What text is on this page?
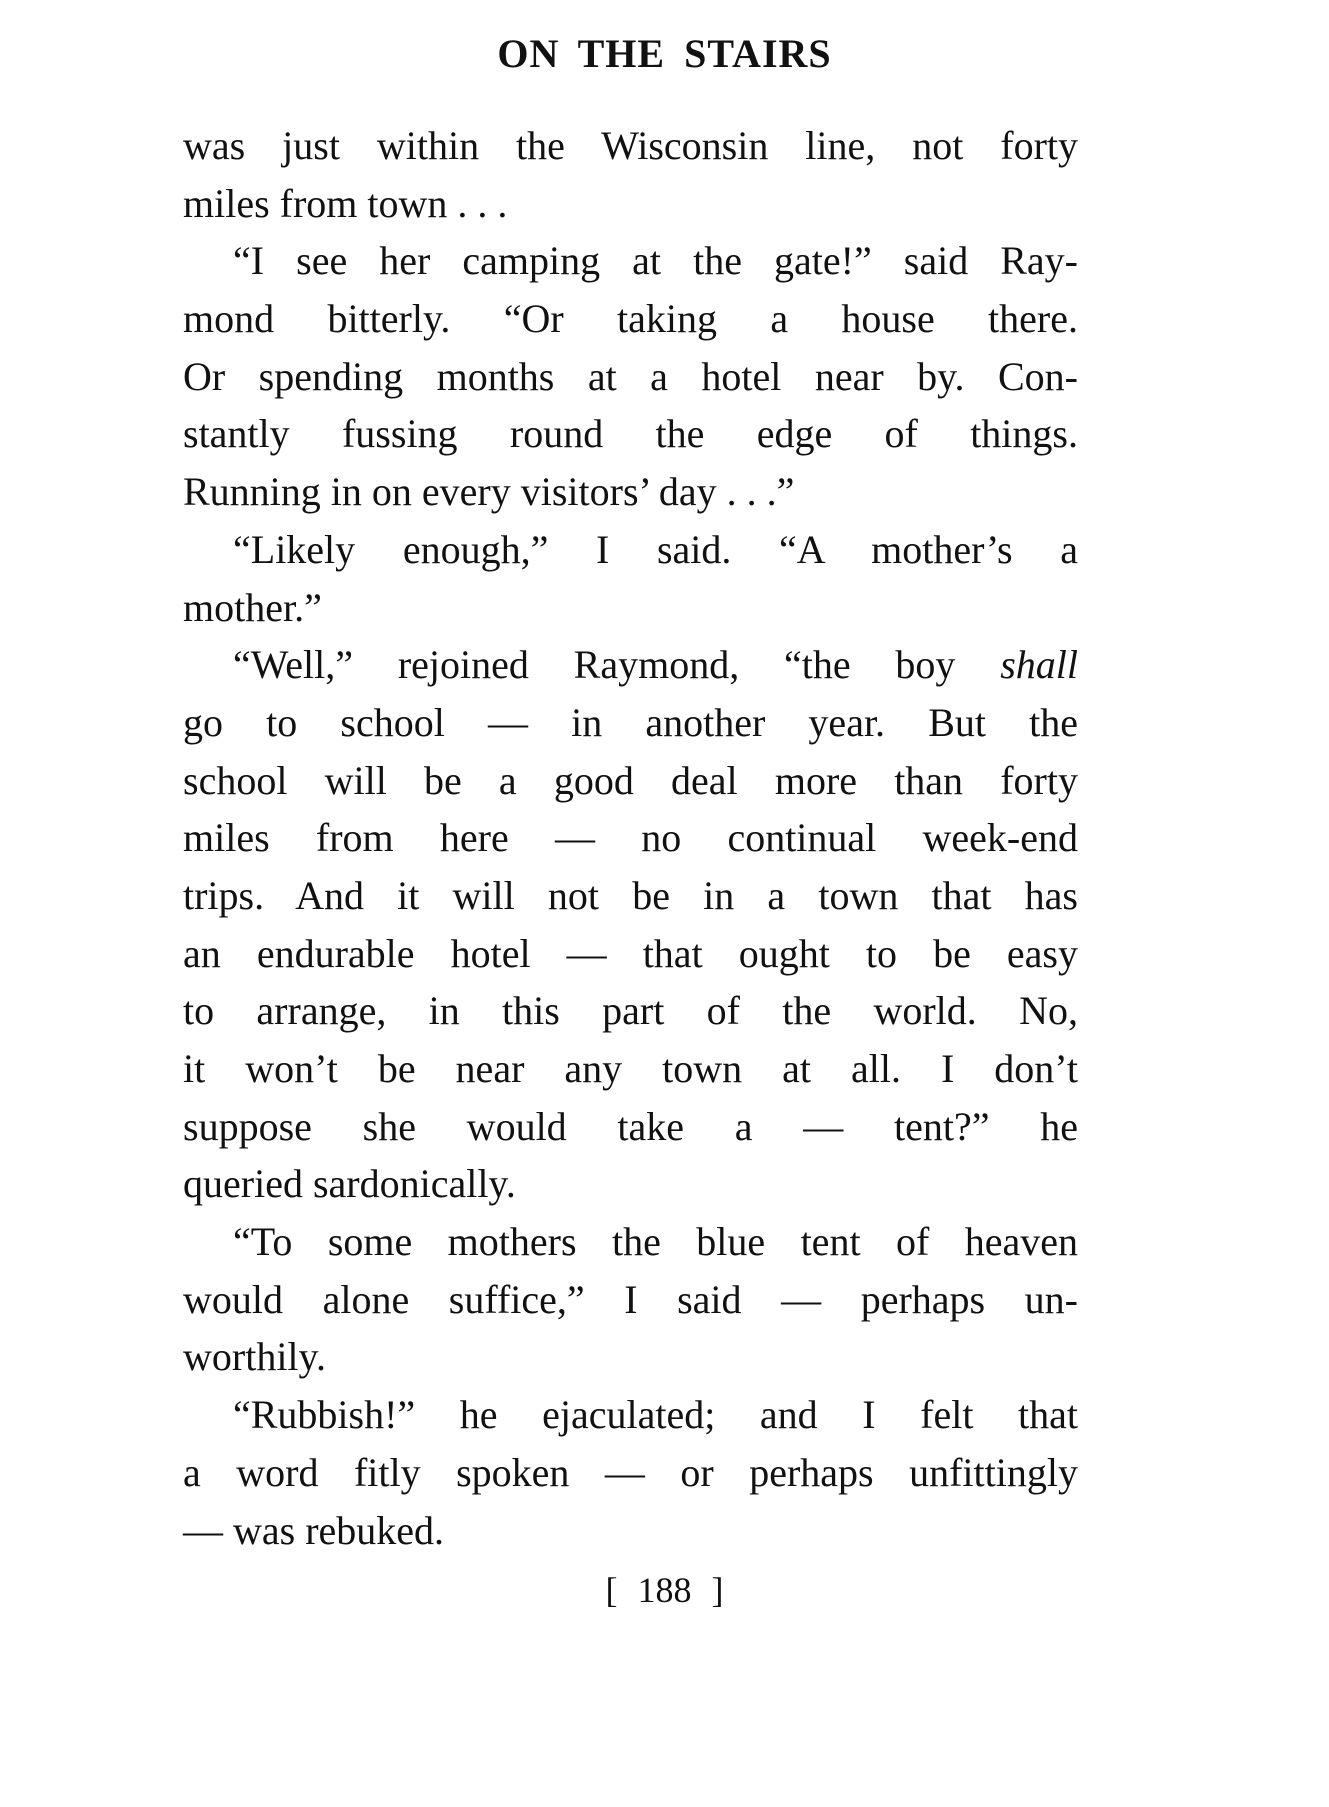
ON THE STAIRS
was just within the Wisconsin line, not forty
miles from town . . .
“I see her camping at the gate!” said Ray-
mond bitterly. “Or taking a house there.
Or spending months at a hotel near by. Con-
stantly fussing round the edge of things.
Running in on every visitors’ day . . .”
“Likely enough,” I said. “A mother’s a
mother.”
“Well,” rejoined Raymond, “the boy shall
go to school — in another year. But the
school will be a good deal more than forty
miles from here — no continual week-end
trips. And it will not be in a town that has
an endurable hotel — that ought to be easy
to arrange, in this part of the world. No,
it won’t be near any town at all. I don’t
suppose she would take a — tent?” he
queried sardonically.
“To some mothers the blue tent of heaven
would alone suffice,” I said — perhaps un-
worthily.
“Rubbish!” he ejaculated; and I felt that
a word fitly spoken — or perhaps unfittingly
— was rebuked.
[ 188 ]
